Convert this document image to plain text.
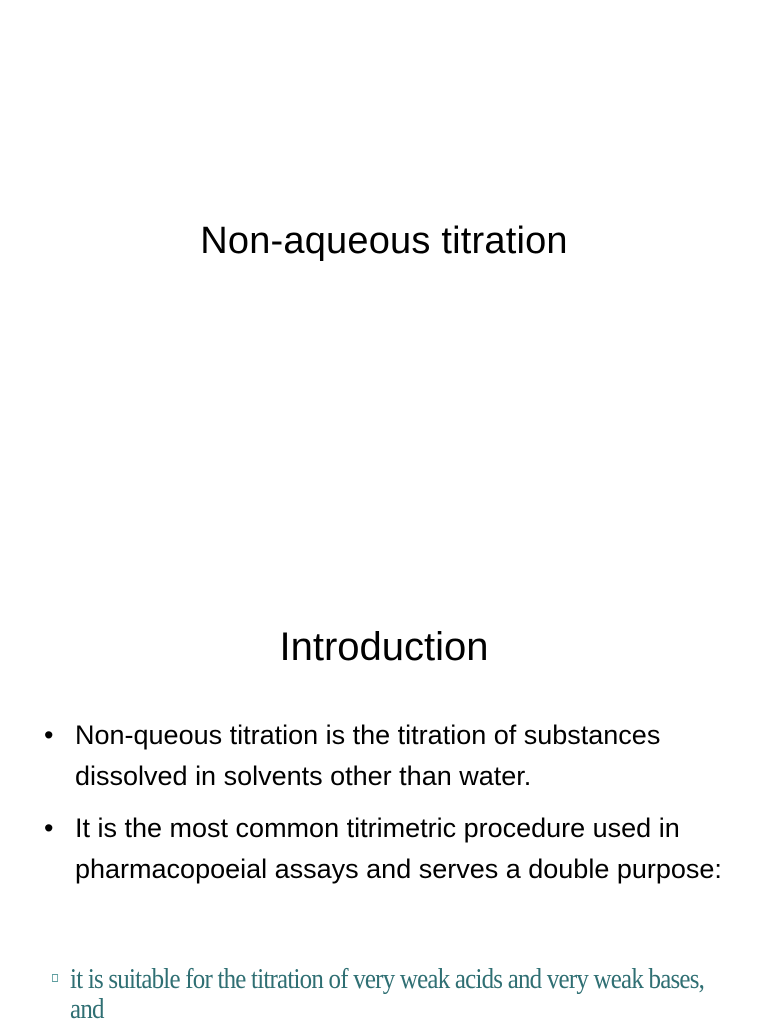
Non-aqueous titration
Introduction
• Non-queous titration is the titration of substances dissolved in solvents other than water.
• It is the most common titrimetric procedure used in pharmacopoeial assays and serves a double purpose:
it is suitable for the titration of very weak acids and very weak bases, and
